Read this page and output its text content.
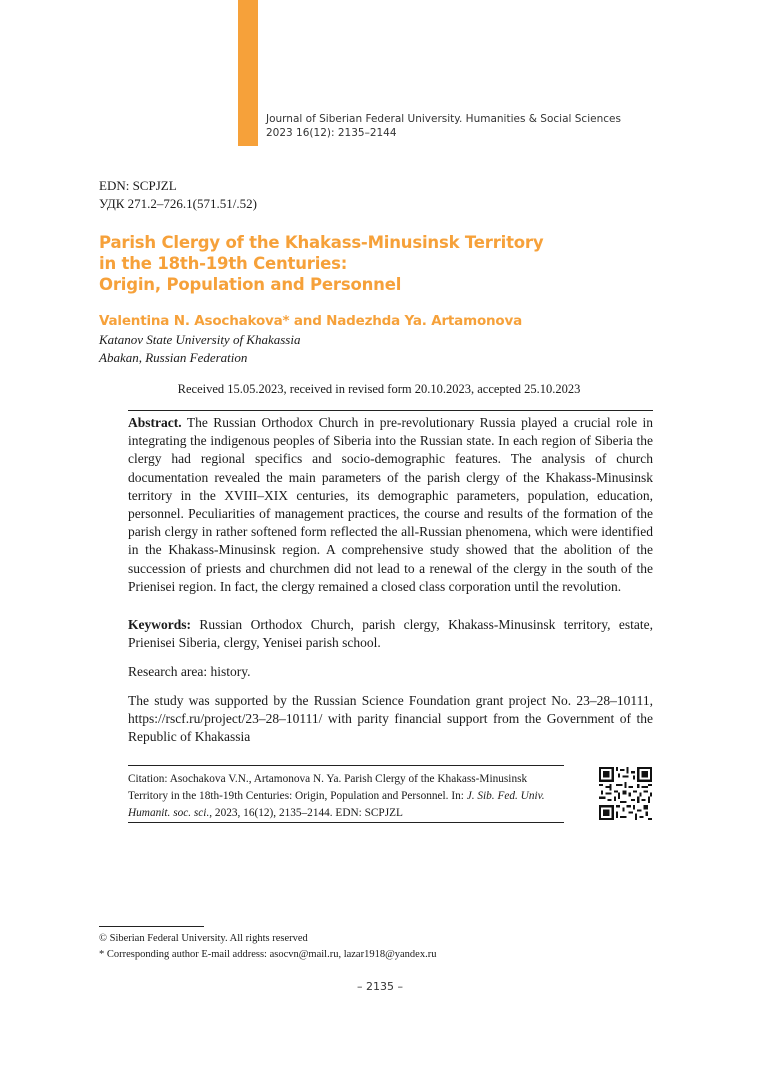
Journal of Siberian Federal University. Humanities & Social Sciences
2023 16(12): 2135–2144
EDN: SCPJZL
УДК 271.2–726.1(571.51/.52)
Parish Clergy of the Khakass-Minusinsk Territory
in the 18th-19th Centuries:
Origin, Population and Personnel
Valentina N. Asochakova* and Nadezhda Ya. Artamonova
Katanov State University of Khakassia
Abakan, Russian Federation
Received 15.05.2023, received in revised form 20.10.2023, accepted 25.10.2023
Abstract. The Russian Orthodox Church in pre-revolutionary Russia played a crucial role in integrating the indigenous peoples of Siberia into the Russian state. In each region of Siberia the clergy had regional specifics and socio-demographic features. The analysis of church documentation revealed the main parameters of the parish clergy of the Khakass-Minusinsk territory in the XVIII–XIX centuries, its demographic parameters, population, education, personnel. Peculiarities of management practices, the course and results of the formation of the parish clergy in rather softened form reflected the all-Russian phenomena, which were identified in the Khakass-Minusinsk region. A comprehensive study showed that the abolition of the succession of priests and churchmen did not lead to a renewal of the clergy in the south of the Prienisei region. In fact, the clergy remained a closed class corporation until the revolution.
Keywords: Russian Orthodox Church, parish clergy, Khakass-Minusinsk territory, estate, Prienisei Siberia, clergy, Yenisei parish school.
Research area: history.
The study was supported by the Russian Science Foundation grant project No. 23–28–10111, https://rscf.ru/project/23–28–10111/ with parity financial support from the Government of the Republic of Khakassia
Citation: Asochakova V.N., Artamonova N. Ya. Parish Clergy of the Khakass-Minusinsk Territory in the 18th-19th Centuries: Origin, Population and Personnel. In: J. Sib. Fed. Univ. Humanit. soc. sci., 2023, 16(12), 2135–2144. EDN: SCPJZL
© Siberian Federal University. All rights reserved
* Corresponding author E-mail address: asocvn@mail.ru, lazar1918@yandex.ru
– 2135 –
